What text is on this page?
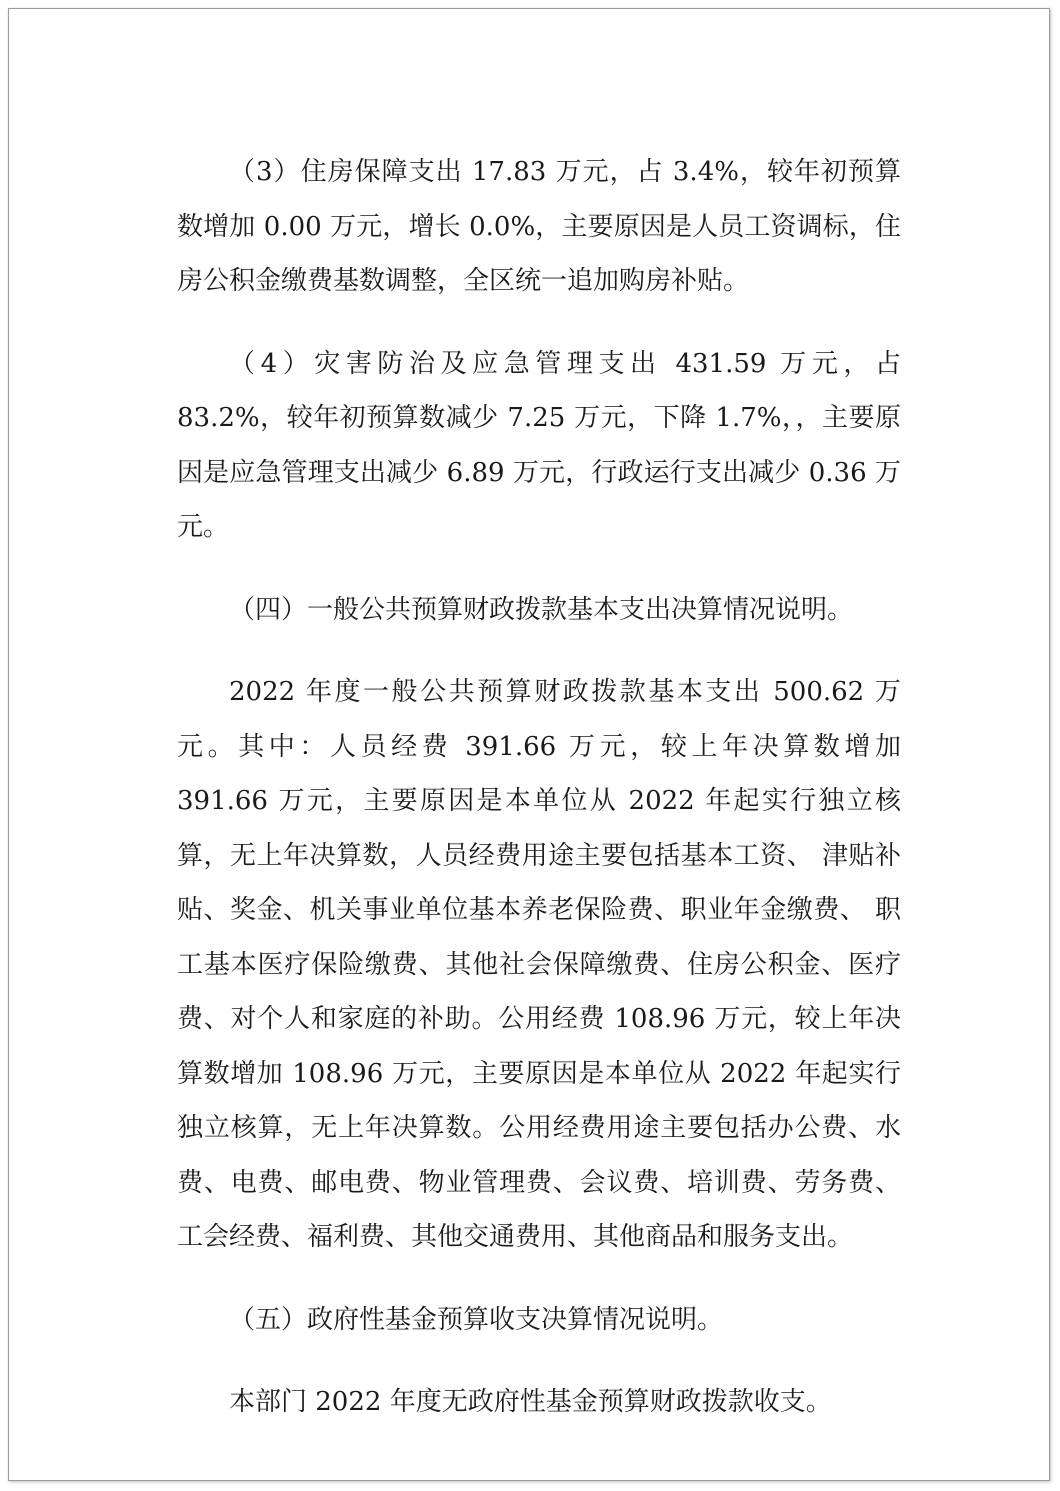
（3）住房保障支出 17.83 万元，占 3.4%，较年初预算数增加 0.00 万元，增长 0.0%，主要原因是人员工资调标，住房公积金缴费基数调整，全区统一追加购房补贴。

（4）灾害防治及应急管理支出 431.59 万元，占 83.2%，较年初预算数减少 7.25 万元，下降 1.7%，，主要原因是应急管理支出减少 6.89 万元，行政运行支出减少 0.36 万元。

（四）一般公共预算财政拨款基本支出决算情况说明。

2022 年度一般公共预算财政拨款基本支出 500.62 万元。其中：人员经费 391.66 万元，较上年决算数增加 391.66 万元，主要原因是本单位从 2022 年起实行独立核算，无上年决算数，人员经费用途主要包括基本工资、 津贴补贴、奖金、机关事业单位基本养老保险费、职业年金缴费、 职工基本医疗保险缴费、其他社会保障缴费、住房公积金、医疗费、对个人和家庭的补助。公用经费 108.96 万元，较上年决算数增加 108.96 万元，主要原因是本单位从 2022 年起实行独立核算，无上年决算数。公用经费用途主要包括办公费、水费、电费、邮电费、物业管理费、会议费、培训费、劳务费、工会经费、福利费、其他交通费用、其他商品和服务支出。

（五）政府性基金预算收支决算情况说明。

本部门 2022 年度无政府性基金预算财政拨款收支。
